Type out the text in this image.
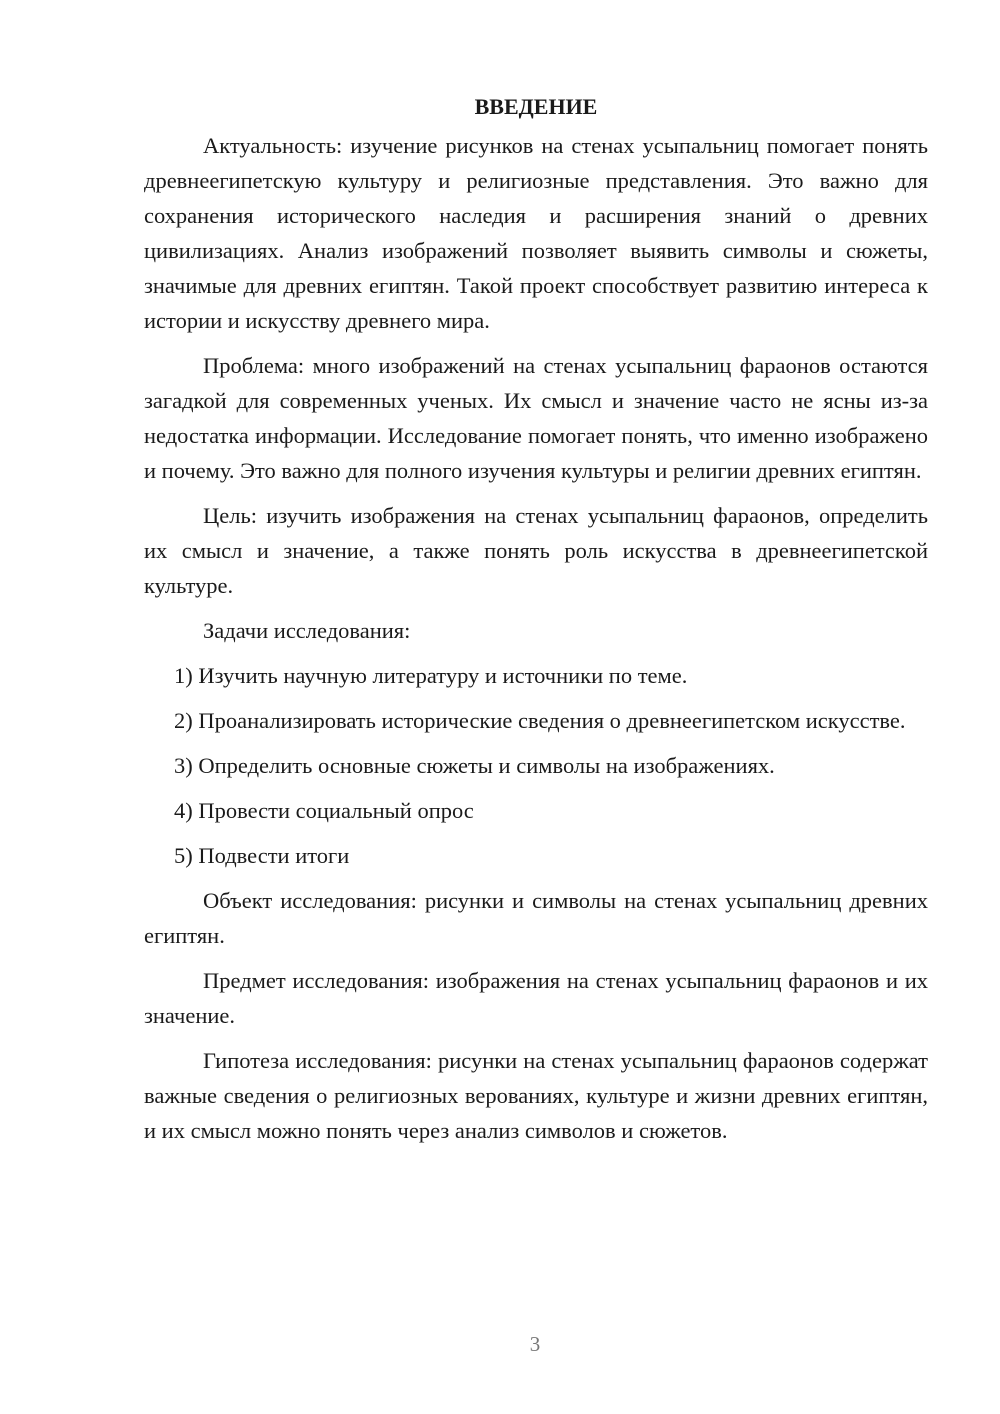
ВВЕДЕНИЕ

Актуальность: изучение рисунков на стенах усыпальниц помогает понять древнеегипетскую культуру и религиозные представления. Это важно для сохранения исторического наследия и расширения знаний о древних цивилизациях. Анализ изображений позволяет выявить символы и сюжеты, значимые для древних египтян. Такой проект способствует развитию интереса к истории и искусству древнего мира.

Проблема: много изображений на стенах усыпальниц фараонов остаются загадкой для современных ученых. Их смысл и значение часто не ясны из-за недостатка информации. Исследование помогает понять, что именно изображено и почему. Это важно для полного изучения культуры и религии древних египтян.

Цель: изучить изображения на стенах усыпальниц фараонов, определить их смысл и значение, а также понять роль искусства в древнеегипетской культуре.

Задачи исследования:

1) Изучить научную литературу и источники по теме.

2) Проанализировать исторические сведения о древнеегипетском искусстве.

3) Определить основные сюжеты и символы на изображениях.

4) Провести социальный опрос

5) Подвести итоги

Объект исследования: рисунки и символы на стенах усыпальниц древних египтян.

Предмет исследования: изображения на стенах усыпальниц фараонов и их значение.

Гипотеза исследования: рисунки на стенах усыпальниц фараонов содержат важные сведения о религиозных верованиях, культуре и жизни древних египтян, и их смысл можно понять через анализ символов и сюжетов.

3
